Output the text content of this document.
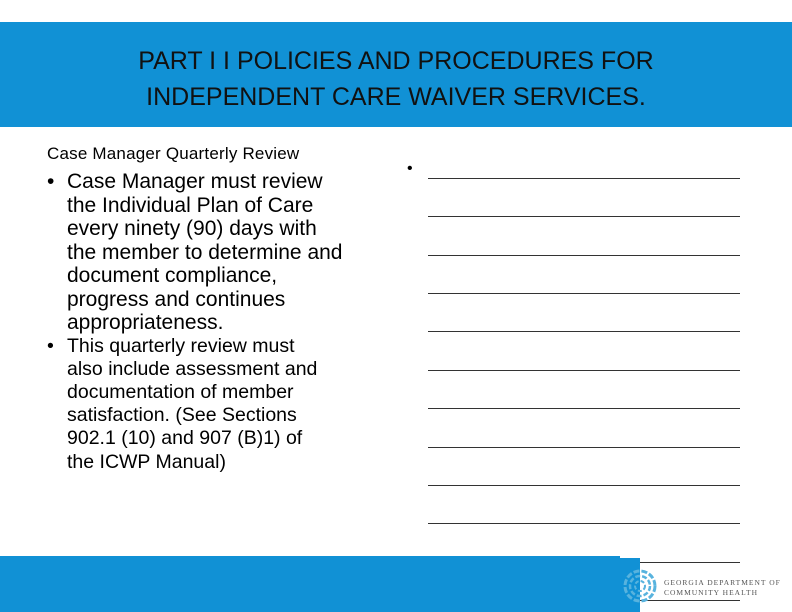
PART I I POLICIES AND PROCEDURES FOR
INDEPENDENT CARE WAIVER SERVICES.
Case Manager Quarterly Review
• Case Manager must review
the Individual Plan of Care
every ninety (90) days with
the member to determine and
document compliance,
progress and continues
appropriateness.
• This quarterly review must
also include assessment and
documentation of member
satisfaction. (See Sections
902.1 (10) and 907 (B)1) of
the ICWP Manual)
•
GEORGIA DEPARTMENT OF
COMMUNITY HEALTH
